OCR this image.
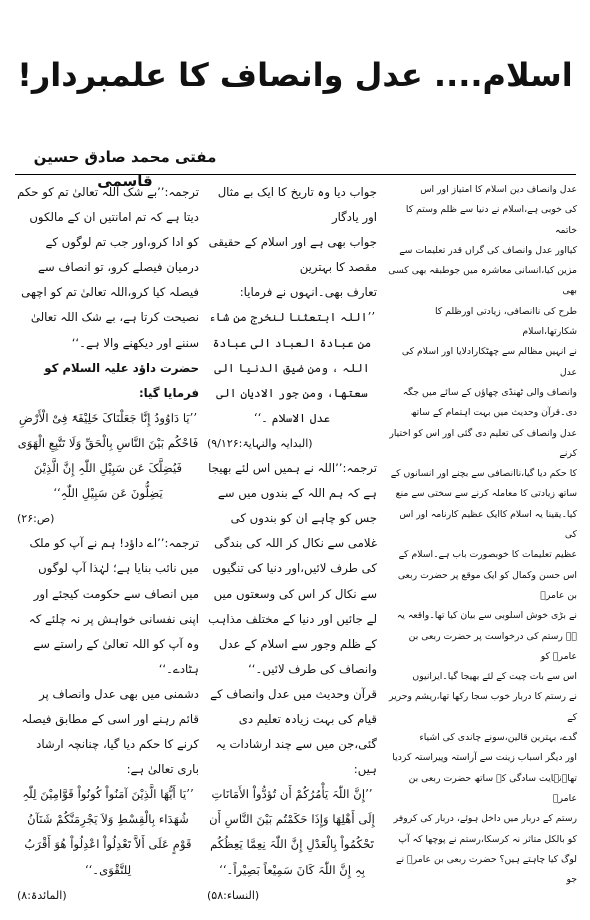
اسلام.... عدل وانصاف کا علمبردار!
مفتی محمد صادق حسین قاسمی	عدل وانصاف دین اسلام کا امتیاز اور اس

کی خوبی ہے،اسلام نے دنیا سے ظلم وستم کا خاتمہ

کیااور عدل وانصاف کی گراں قدر تعلیمات سے

مزین کیا،انسانی معاشرہ میں جوطبقہ بھی کسی بھی

طرح کی ناانصافی، زیادتی اورظلم کا شکارتھا،اسلام

نے انہیں مظالم سے چھٹکارادلایا اور اسلام کی عدل

وانصاف والی ٹھنڈی چھاؤں کے سائے میں جگہ

دی۔قرآن وحدیث میں بہت اہتمام کے ساتھ

عدل وانصاف کی تعلیم دی گئی اور اس کو اختیار کرنے

کا حکم دیا گیا،ناانصافی سے بچنے اور انسانوں کے

ساتھ زیادتی کا معاملہ کرنے سے سختی سے منع

کیا۔یقینا یہ اسلام کاایک عظیم کارنامہ اور اس کی

عظیم تعلیمات کا خوبصورت باب ہے۔اسلام کے

اس حسن وکمال کو ایک موقع پر حضرت ربعی بن عامرؓ

نے بڑی خوش اسلوبی سے بیان کیا تھا۔واقعہ یہ

ہے رستم کی درخواست پر حضرت ربعی بن عامرؓ کو

اس سے بات چیت کے لئے بھیجا گیا۔ایرانیوں

نے رستم کا دربار خوب سجا رکھا تھا،ریشم وحریر کے

گدے، بہترین قالین،سونے چاندی کی اشیاء

اور دیگر اسباب زینت سے آراستہ وپیراستہ کردیا

تھا۔نہایت سادگی کے ساتھ حضرت ربعی بن عامرؓ

رستم کے دربار میں داخل ہوئے، دربار کی کروفر

کو بالکل متاثر نہ کرسکا،رستم نے پوچھا کہ آپ

لوگ کیا چاہتے ہیں؟ حضرت ربعی بن عامرؓ نے جو

جواب دیا وہ تاریخ کا ایک بے مثال اور یادگار

جواب بھی ہے اور اسلام کے حقیقی مقصد کا بہترین

تعارف بھی۔انہوں نے فرمایا:

’’اللہ ابتعثنا لنخرج من شاء من عبادۃ العباد الی عبادۃ اللہ ، ومن ضیق الدنیا الی سعتھا، ومن جور الادیان الی عدل الاسلام ۔‘‘

(البدایہ والنہایۃ:۹/۱۲۶)

ترجمہ:’’اللہ نے ہمیں اس لئے بھیجا ہے کہ ہم اللہ کے بندوں میں سے جس کو چاہے ان کو بندوں کی غلامی سے نکال کر اللہ کی بندگی کی طرف لائیں،اور دنیا کی تنگیوں سے نکال کر اس کی وسعتوں میں لے جائیں اور دنیا کے مختلف مذاہب کے ظلم وجور سے اسلام کے عدل وانصاف کی طرف لائیں۔‘‘

قرآن وحدیث میں عدل وانصاف کے قیام کی بہت زیادہ تعلیم دی گئی،جن میں سے چند ارشادات یہ ہیں:

’’إِنَّ اللّٰہَ یَأْمُرُکُمْ أَن تُؤدُّواْ الأَمَانَاتِ إِلَی أَھْلِھَا وَإِذَا حَکَمْتُم بَیْنَ النَّاسِ أَن تَحْکُمُواْ بِالْعَدْلِ إِنَّ اللّٰہَ نِعِمَّا یَعِظُکُم بِہِ إِنَّ اللّٰہَ کَانَ سَمِیْعاً بَصِیْراً۔‘‘

(النساء:۵۸)

ترجمہ:’’بے شک اللہ تعالیٰ تم کو حکم دیتا ہے کہ تم امانتیں ان کے مالکوں کو ادا کرو،اور جب تم لوگوں کے درمیان فیصلے کرو، تو انصاف سے فیصلہ کیا کرو،اللہ تعالیٰ تم کو اچھی نصیحت کرتا ہے، بے شک اللہ تعالیٰ سننے اور دیکھنے والا ہے۔‘‘

حضرت داؤد علیہ السلام کو فرمایا گیا:

’’یَا دَاوُودُ إِنَّا جَعَلْنَاکَ خَلِیْفَۃً فِیْ الْأَرْضِ فَاحْکُم بَیْنَ النَّاسِ بِالْحَقِّ وَلَا تَتَّبِعِ الْھَوَی فَیُضِلَّکَ عَن سَبِیْلِ اللّٰہِ إِنَّ الَّذِیْنَ یَضِلُّونَ عَن سَبِیْلِ اللّٰہِ‘‘

(ص:۲۶)

ترجمہ:’’اے داؤد! ہم نے آپ کو ملک میں نائب بنایا ہے؛ لہٰذا آپ لوگوں میں انصاف سے حکومت کیجئے اور اپنی نفسانی خواہش پر نہ چلئے کہ وہ آپ کو اللہ تعالیٰ کے راستے سے ہٹادے۔‘‘

دشمنی میں بھی عدل وانصاف پر قائم رہنے اور اسی کے مطابق فیصلہ کرنے کا حکم دیا گیا، چنانچہ ارشاد باری تعالیٰ ہے:

’’یَا أَیُّھَا الَّذِیْنَ آمَنُواْ کُونُواْ قَوَّامِیْنَ لِلّٰہِ شُھَدَاء بِالْقِسْطِ وَلاَ یَجْرِمَنَّکُمْ شَنَآنُ قَوْمٍ عَلَی أَلاَّ تَعْدِلُواْ اعْدِلُواْ ھُوَ أَقْرَبُ لِلتَّقْوَی۔‘‘

(المائدۃ:۸)
